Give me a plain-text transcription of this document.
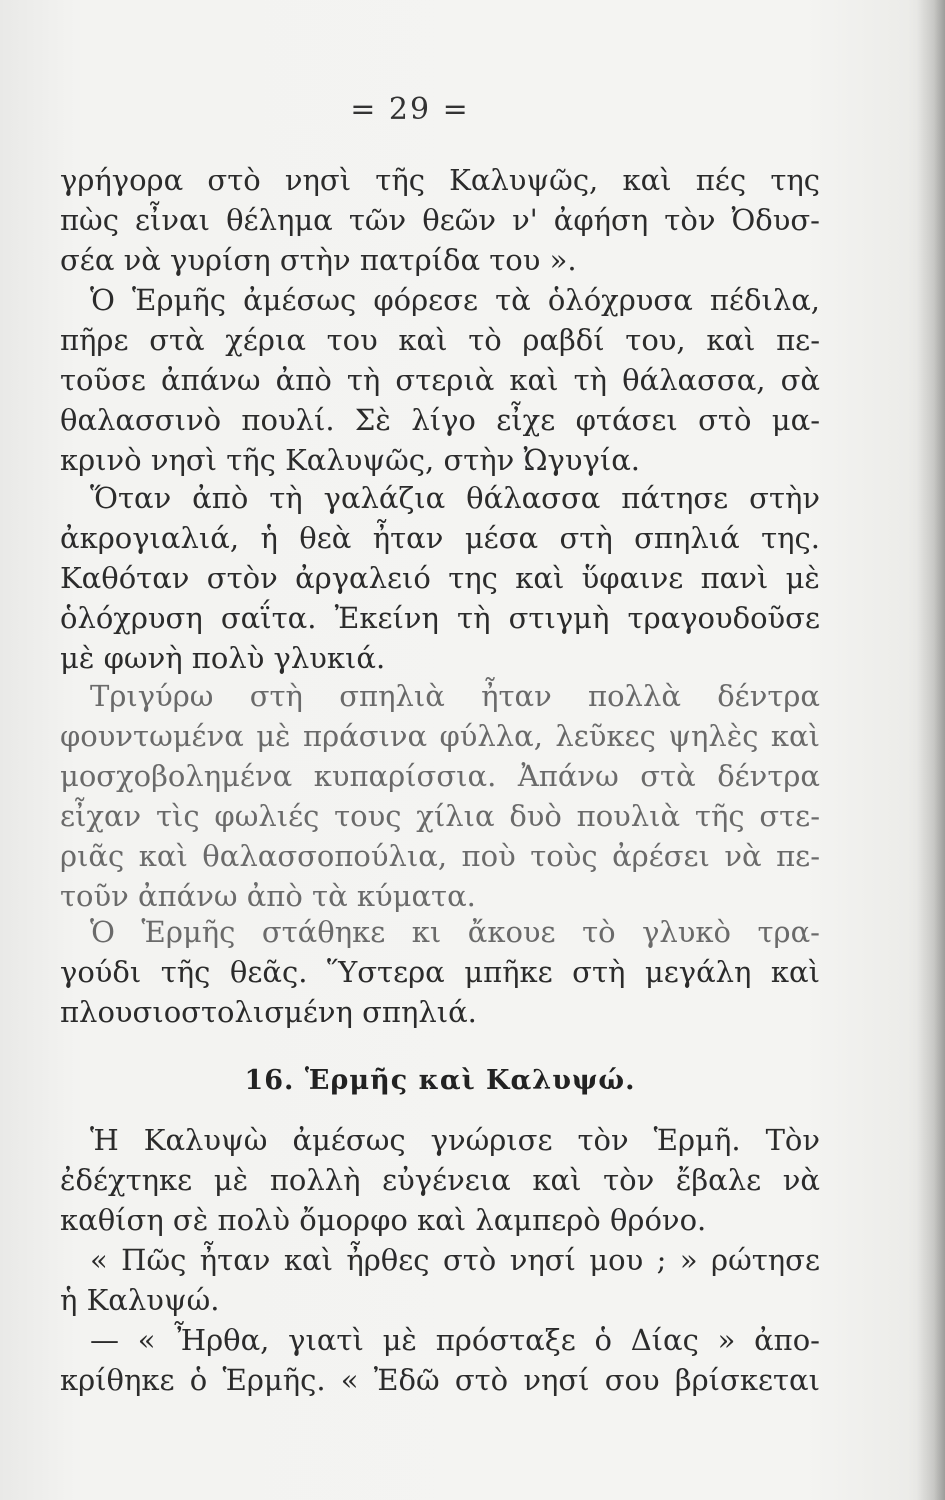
= 29 =
γρήγορα στὸ νησὶ τῆς Καλυψῶς, καὶ πές της
πὼς εἶναι θέλημα τῶν θεῶν ν' ἀφήση τὸν Ὀδυσ-
σέα νὰ γυρίση στὴν πατρίδα του ».
Ὁ Ἑρμῆς ἀμέσως φόρεσε τὰ ὁλόχρυσα πέδιλα,
πῆρε στὰ χέρια του καὶ τὸ ραβδί του, καὶ πε-
τοῦσε ἀπάνω ἀπὸ τὴ στεριὰ καὶ τὴ θάλασσα, σὰ
θαλασσινὸ πουλί. Σὲ λίγο εἶχε φτάσει στὸ μα-
κρινὸ νησὶ τῆς Καλυψῶς, στὴν Ὠγυγία.
Ὅταν ἀπὸ τὴ γαλάζια θάλασσα πάτησε στὴν
ἀκρογιαλιά, ἡ θεὰ ἦταν μέσα στὴ σπηλιά της.
Καθόταν στὸν ἀργαλειό της καὶ ὕφαινε πανὶ μὲ
ὁλόχρυση σαΐτα. Ἐκείνη τὴ στιγμὴ τραγουδοῦσε
μὲ φωνὴ πολὺ γλυκιά.
Τριγύρω στὴ σπηλιὰ ἦταν πολλὰ δέντρα
φουντωμένα μὲ πράσινα φύλλα, λεῦκες ψηλὲς καὶ
μοσχοβολημένα κυπαρίσσια. Ἀπάνω στὰ δέντρα
εἶχαν τὶς φωλιές τους χίλια δυὸ πουλιὰ τῆς στε-
ριᾶς καὶ θαλασσοπούλια, ποὺ τοὺς ἀρέσει νὰ πε-
τοῦν ἀπάνω ἀπὸ τὰ κύματα.
Ὁ Ἑρμῆς στάθηκε κι ἄκουε τὸ γλυκὸ τρα-
γούδι τῆς θεᾶς. Ὕστερα μπῆκε στὴ μεγάλη καὶ
πλουσιοστολισμένη σπηλιά.
16. Ἑρμῆς καὶ Καλυψώ.
Ἡ Καλυψὼ ἀμέσως γνώρισε τὸν Ἑρμῆ. Τὸν
ἐδέχτηκε μὲ πολλὴ εὐγένεια καὶ τὸν ἔβαλε νὰ
καθίση σὲ πολὺ ὄμορφο καὶ λαμπερὸ θρόνο.
« Πῶς ἦταν καὶ ἦρθες στὸ νησί μου ; » ρώτησε
ἡ Καλυψώ.
— « Ἦρθα, γιατὶ μὲ πρόσταξε ὁ Δίας » ἀπο-
κρίθηκε ὁ Ἑρμῆς. « Ἐδῶ στὸ νησί σου βρίσκεται
